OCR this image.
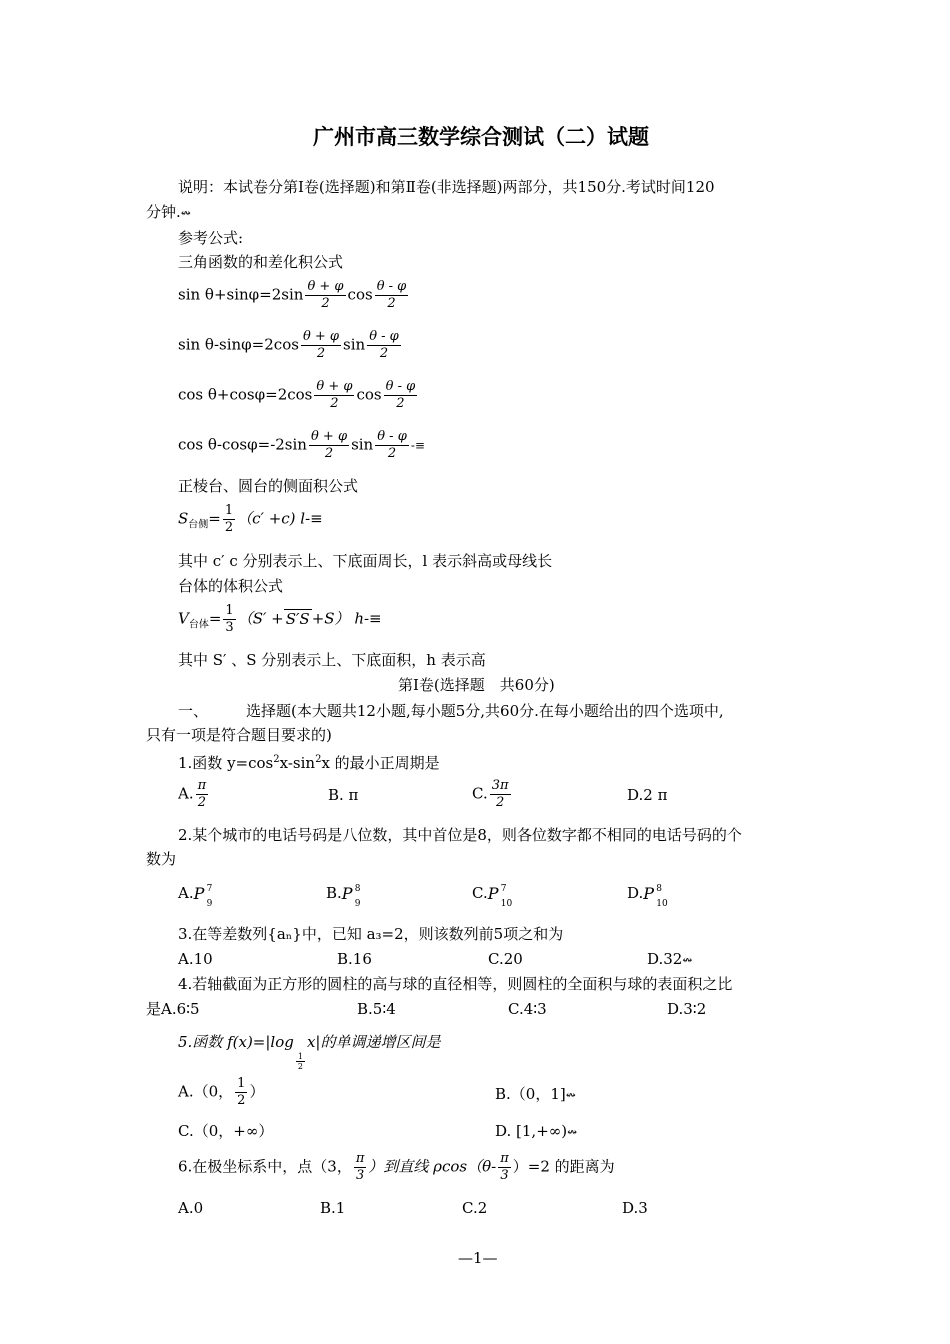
广州市高三数学综合测试（二）试题
说明：本试卷分第Ⅰ卷(选择题)和第Ⅱ卷(非选择题)两部分，共150分.考试时间120
分钟.↭
参考公式:
三角函数的和差化积公式
$\sin \theta+\sin\varphi=2\sin \frac{\theta + \varphi}{2}$ $\cos \frac{\theta - \varphi}{2}$
$\sin \theta-\sin\varphi=2\cos \frac{\theta + \varphi}{2}$ $\sin \frac{\theta - \varphi}{2}$
$\cos \theta+\cos\varphi=2\cos \frac{\theta + \varphi}{2}$ $\cos \frac{\theta - \varphi}{2}$
$\cos \theta-\cos\varphi=-2\sin \frac{\theta + \varphi}{2}$ $\sin \frac{\theta - \varphi}{2}$ -≡
正棱台、圆台的侧面积公式
$S_{台侧}= \frac{1}{2} (c' +c)$ l-≡
其中 c′ c 分别表示上、下底面周长，l 表示斜高或母线长
台体的体积公式
$V_{台体}= \frac{1}{3} (S' + S'S +S)$ h-≡
其中 S′ 、S 分别表示上、下底面积，h 表示高
第Ⅰ卷(选择题　共60分)
一、	选择题(本大题共12小题,每小题5分,共60分.在每小题给出的四个选项中,
只有一项是符合题目要求的)
1.函数 $y=\cos^2x-\sin^2x$ 的最小正周期是
A. $\frac{\pi}{2}$	B. π	C. $\frac{3\pi}{2}$	D.2 π
2.某个城市的电话号码是八位数，其中首位是8，则各位数字都不相同的电话号码的个
数为
A. P 7
9
B. P 8
9
C. P 7
10
D. P 8
10
3.在等差数列{aₙ}中，已知 a₃=2，则该数列前5项之和为
A.10	B.16	C.20	D.32↭
4.若轴截面为正方形的圆柱的高与球的直径相等，则圆柱的全面积与球的表面积之比
是A.6∶5	B.5∶4	C.4∶3	D.3∶2
5.函数 f(x)=|log
$\frac{1}{2}$
x|的单调递增区间是
A.（0， $\frac{1}{2}$ ）	B.（0，1]↭
C.（0，+∞）	D. [1,+∞)↭
6.在极坐标系中，点（3， $\frac{\pi}{3}$ ）到直线 $\rho\cos(\theta- \frac{\pi}{3} )=2$ 的距离为
A.0	B.1	C.2	D.3
—1—
